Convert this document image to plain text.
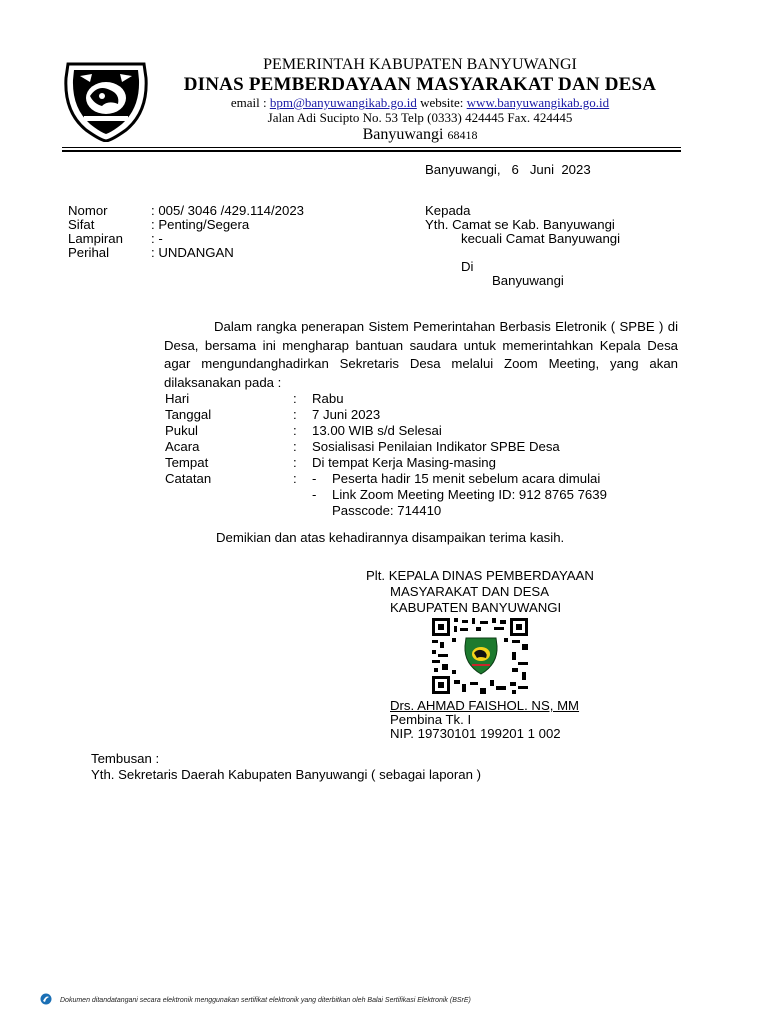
PEMERINTAH KABUPATEN BANYUWANGI
DINAS PEMBERDAYAAN MASYARAKAT DAN DESA
email : bpm@banyuwangikab.go.id website: www.banyuwangikab.go.id
Jalan Adi Sucipto No. 53 Telp (0333) 424445 Fax. 424445
Banyuwangi 68418
Banyuwangi,   6   Juni  2023
Nomor	: 005/ 3046 /429.114/2023
Sifat	: Penting/Segera
Lampiran : -
Perihal	: UNDANGAN
Kepada
Yth. Camat se Kab. Banyuwangi
kecuali Camat Banyuwangi
Di
Banyuwangi
Dalam rangka penerapan Sistem Pemerintahan Berbasis Eletronik ( SPBE ) di Desa, bersama ini mengharap bantuan saudara untuk memerintahkan Kepala Desa agar mengundanghadirkan Sekretaris Desa melalui Zoom Meeting, yang akan dilaksanakan pada :
Hari	: Rabu
Tanggal	: 7 Juni 2023
Pukul	: 13.00 WIB s/d Selesai
Acara	: Sosialisasi Penilaian Indikator SPBE Desa
Tempat	: Di tempat Kerja Masing-masing
Catatan	: - Peserta hadir 15 menit sebelum acara dimulai
- Link Zoom Meeting Meeting ID: 912 8765 7639
Passcode: 714410
Demikian dan atas kehadirannya disampaikan terima kasih.
Plt. KEPALA DINAS PEMBERDAYAAN
MASYARAKAT DAN DESA
KABUPATEN BANYUWANGI
Drs. AHMAD FAISHOL. NS, MM
Pembina Tk. I
NIP. 19730101 199201 1 002
Tembusan :
Yth. Sekretaris Daerah Kabupaten Banyuwangi ( sebagai laporan )
Dokumen ditandatangani secara elektronik menggunakan sertifikat elektronik yang diterbitkan oleh Balai Sertifikasi Elektronik (BSrE)
